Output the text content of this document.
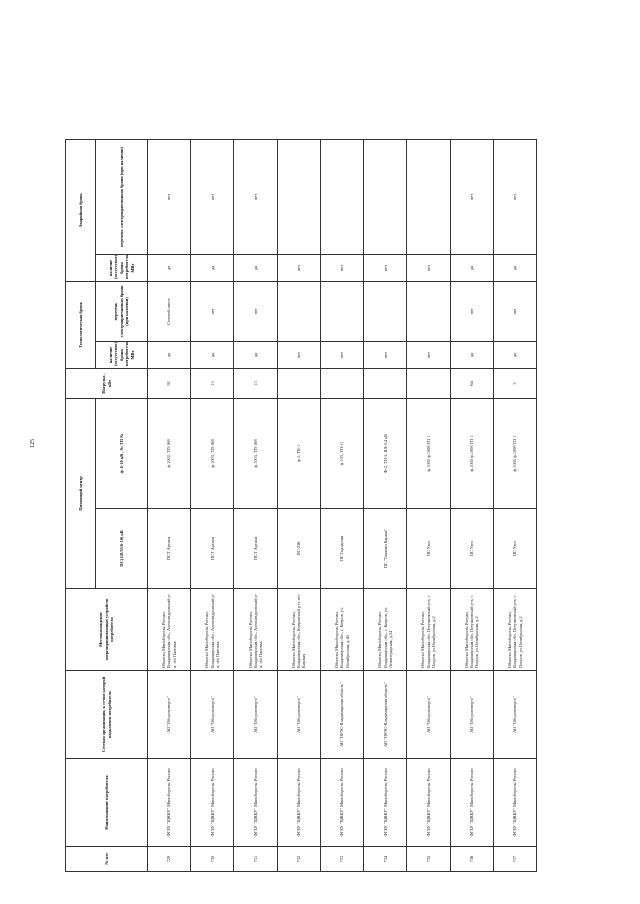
125
№ п/п	Наименование потребителя	Сетевая организация, к сетям которой подключен потребитель	Местонахождение энергопринимающих устройств потребителя	Питающий центр		Нагрузка , кВт	Технологическая бронь		Аварийная бронь	
				ПС(110/35/6-10) кВ	ф. 6-10 кВ , № ТП №		наличие (отсутствие) брони потребителя МВт	перечень электроприемников брони (при наличии)	наличие (отсутствие) брони потребителя МВт	перечень электроприемников брони (при наличии)
729	ФГБУ "ЦЖКУ" Минобороны России	АО "Оборонэнерго"	Объекты Минобороны России, Владимирская обл., Александровский р-н, п/о Пановка	ПСТ Арсаки	ф.1002, ТП-168	92	да	Сетевой насос	да	нет
730	ФГБУ "ЦЖКУ" Минобороны России	АО "Оборонэнерго"	Объекты Минобороны России, Владимирская обл., Александровский р-н, п/о Пановка	ПСТ Арсаки	ф.1003, ТП-168	13	да	нет	да	нет
731	ФГБУ "ЦЖКУ" Минобороны России	АО "Оборонэнерго"	Объекты Минобороны России, Владимирская обл., Александровский р-н, п/о Пановка	ПСТ Арсаки	ф.1003, ТП-168	13	да	нет	да	нет
732	ФГБУ "ЦЖКУ" Минобороны России	АО "Оборонэнерго"	Объекты Минобороны России, Владимирская обл., Ковровский р-н, п/о Киржач	ПС-236	ф.3, ТП-1		нет		нет	
733	ФГБУ "ЦЖКУ" Минобороны России	АО "ОРЭС-Владимирская область"	Объекты Минобороны России, Владимирская обл., г. Ковров, ул. Октябрьская, д.40	ПС Городская	ф.103, ТП-11		нет		нет	
734	ФГБУ "ЦЖКУ" Минобороны России	АО "ОРЭС-Владимирская область"	Объекты Минобороны России, Владимирская обл., г. Ковров, ул. Ленинградская, д.34	ПС "Тапапан Карака"	Ф-2, ТП-3, ВЛ-0,4 кВ		нет		нет	
735	ФГБУ "ЦЖКУ" Минобороны России	АО "Оборонэнерго"	Объекты Минобороны России, Владимирская обл. Петушинский р-н, г. Покров, ул.Октябрьская, д.2	ПС Узел	ф.1005 ф.1008 ТП 1		нет		нет	
736	ФГБУ "ЦЖКУ" Минобороны России	АО "Оборонэнерго"	Объекты Минобороны России, Владимирская обл. Петушинский р-н, г. Покров, ул.Октябрьская, д.2	ПС Узел	ф.1005 ф.1008 ТП 1	64	да	нет	да	нет
737	ФГБУ "ЦЖКУ" Минобороны России	АО "Оборонэнерго"	Объекты Минобороны России, Владимирская обл. Петушинский р-н, г. Покров, ул.Октябрьская, д.2	ПС Узел	ф.1005 ф.1008 ТП 1	3	да	нет	да	нет
